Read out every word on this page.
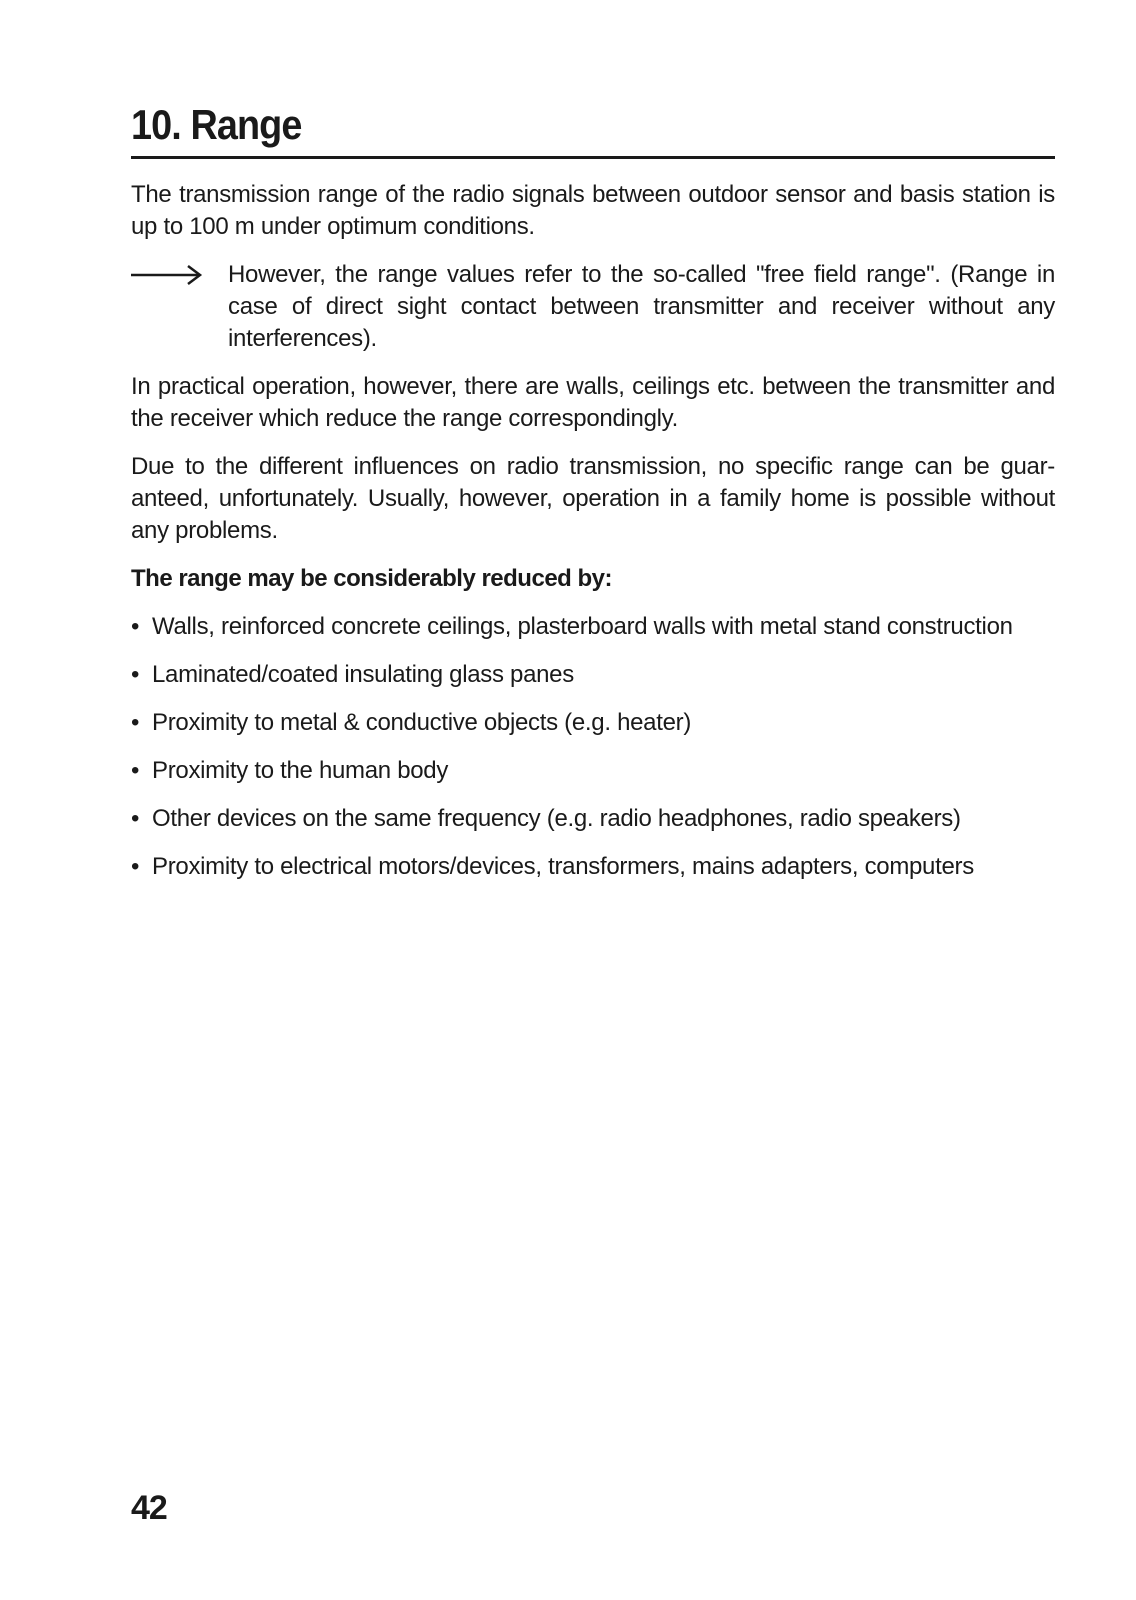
10. Range

The transmission range of the radio signals between outdoor sensor and basis station is up to 100 m under optimum conditions.

However, the range values refer to the so-called "free field range". (Range in case of direct sight contact between transmitter and receiver without any interferences).

In practical operation, however, there are walls, ceilings etc. between the transmitter and the receiver which reduce the range correspondingly.

Due to the different influences on radio transmission, no specific range can be guar-anteed, unfortunately. Usually, however, operation in a family home is possible without any problems.

The range may be considerably reduced by:

• Walls, reinforced concrete ceilings, plasterboard walls with metal stand construction
• Laminated/coated insulating glass panes
• Proximity to metal & conductive objects (e.g. heater)
• Proximity to the human body
• Other devices on the same frequency (e.g. radio headphones, radio speakers)
• Proximity to electrical motors/devices, transformers, mains adapters, computers
42
